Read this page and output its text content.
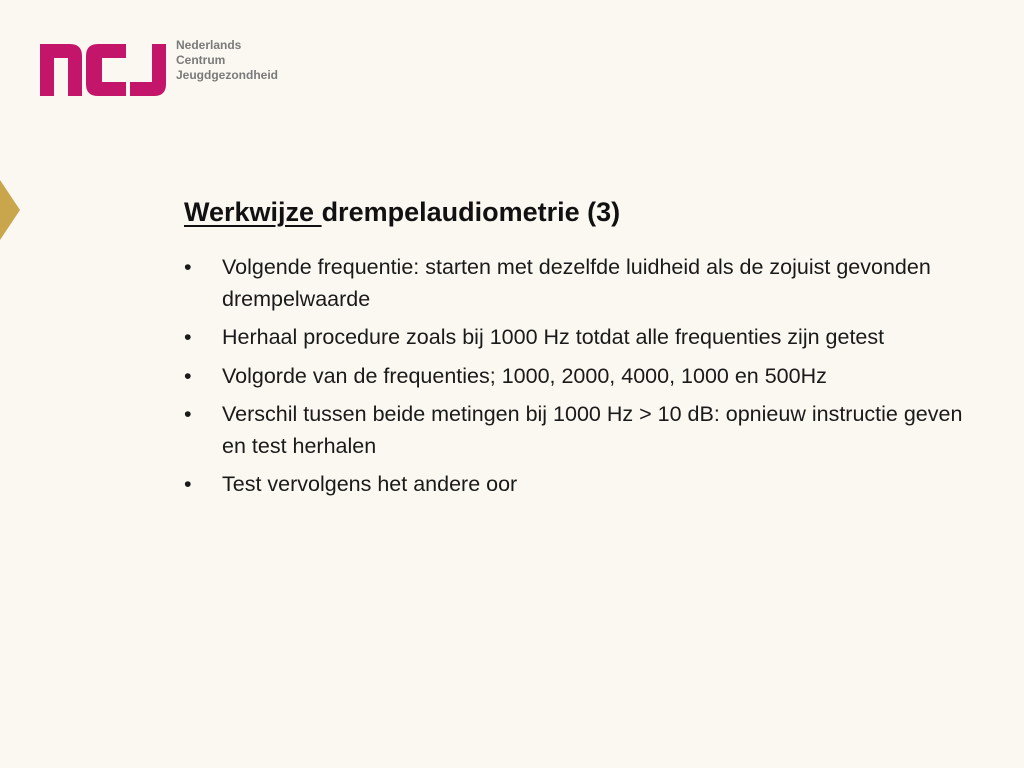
Nederlands
Centrum
Jeugdgezondheid
Werkwijze drempelaudiometrie (3)
•	Volgende frequentie: starten met dezelfde luidheid als de zojuist gevonden drempelwaarde
•	Herhaal procedure zoals bij 1000 Hz totdat alle frequenties zijn getest
•	Volgorde van de frequenties; 1000, 2000, 4000, 1000 en 500Hz
•	Verschil tussen beide metingen bij 1000 Hz > 10 dB: opnieuw instructie geven en test herhalen
•	Test vervolgens het andere oor
